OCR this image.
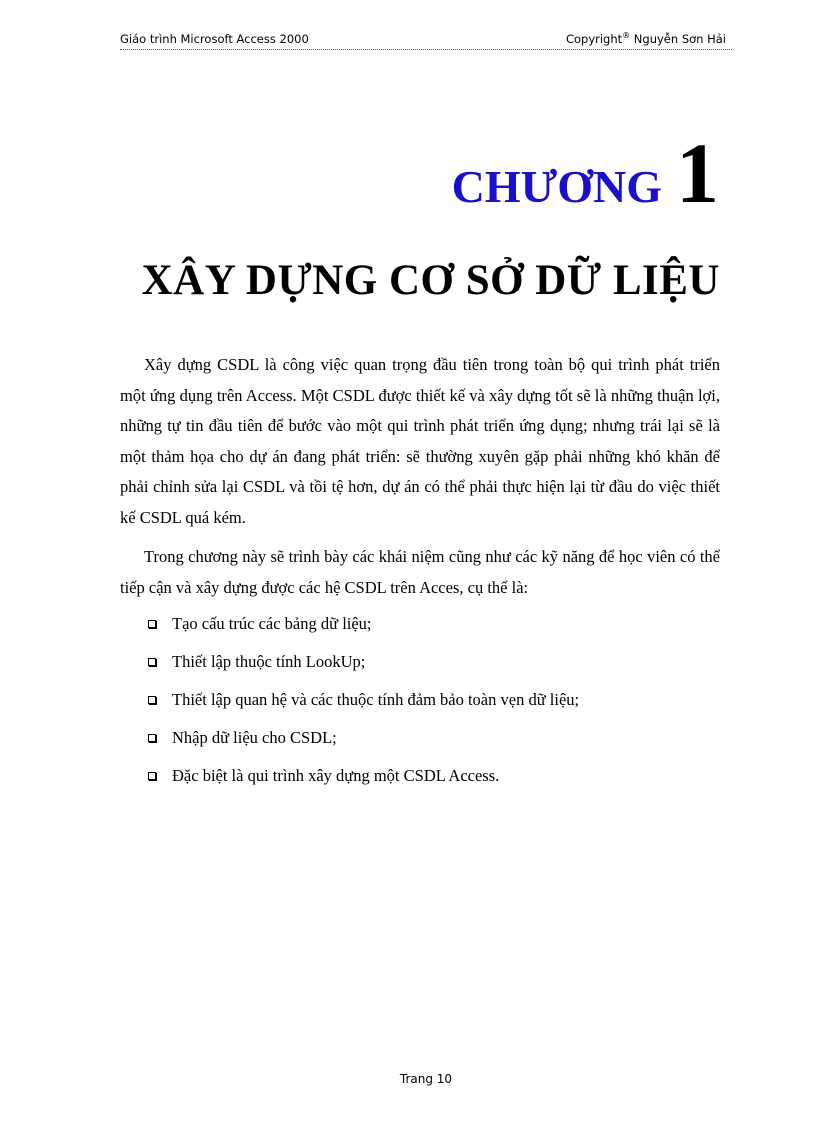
Giáo trình Microsoft Access 2000	Copyright® Nguyễn Sơn Hải
CHƯƠNG 1
XÂY DỰNG CƠ SỞ DỮ LIỆU

Xây dựng CSDL là công việc quan trọng đầu tiên trong toàn bộ qui trình phát triển một ứng dụng trên Access. Một CSDL được thiết kế và xây dựng tốt sẽ là những thuận lợi, những tự tin đầu tiên để bước vào một qui trình phát triển ứng dụng; nhưng trái lại sẽ là một thảm họa cho dự án đang phát triển: sẽ thường xuyên gặp phải những khó khăn để phải chỉnh sửa lại CSDL và tồi tệ hơn, dự án có thể phải thực hiện lại từ đầu do việc thiết kế CSDL quá kém.

Trong chương này sẽ trình bày các khái niệm cũng như các kỹ năng để học viên có thể tiếp cận và xây dựng được các hệ CSDL trên Acces, cụ thể là:

Tạo cấu trúc các bảng dữ liệu;
Thiết lập thuộc tính LookUp;
Thiết lập quan hệ và các thuộc tính đảm bảo toàn vẹn dữ liệu;
Nhập dữ liệu cho CSDL;
Đặc biệt là qui trình xây dựng một CSDL Access.
Trang 10
